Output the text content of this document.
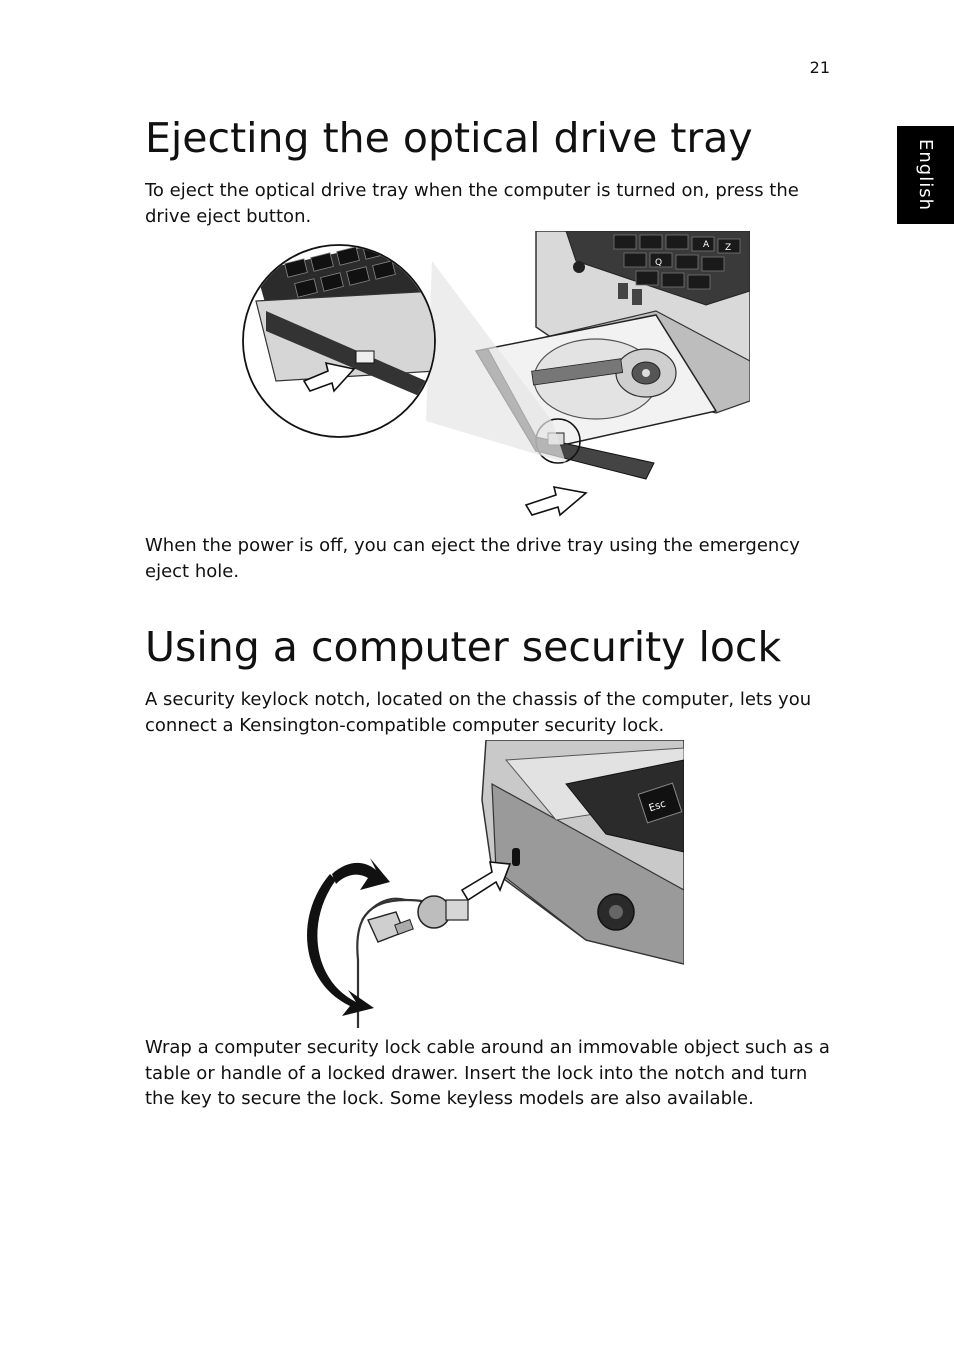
21
English
Ejecting the optical drive tray

To eject the optical drive tray when the computer is turned on, press the drive eject button.

A Z
Q

When the power is off, you can eject the drive tray using the emergency eject hole.

Using a computer security lock

A security keylock notch, located on the chassis of the computer, lets you connect a Kensington-compatible computer security lock.

Esc

Wrap a computer security lock cable around an immovable object such as a table or handle of a locked drawer. Insert the lock into the notch and turn the key to secure the lock. Some keyless models are also available.
